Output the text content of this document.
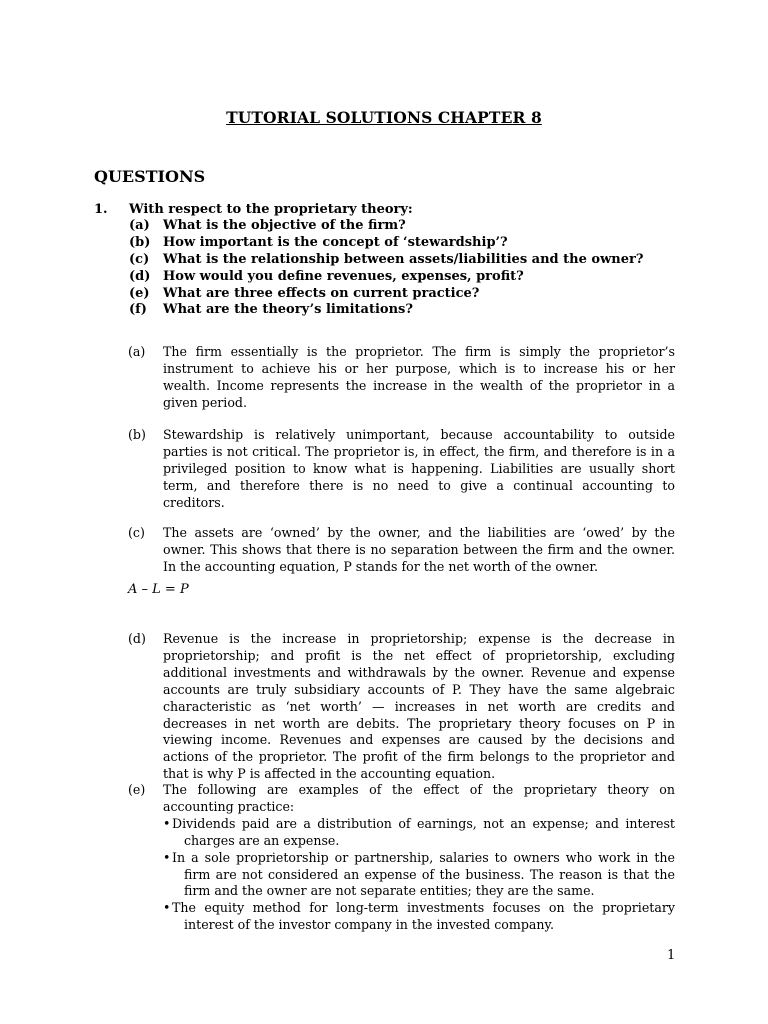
TUTORIAL SOLUTIONS CHAPTER 8
QUESTIONS
1. With respect to the proprietary theory:
(a)	What is the objective of the firm?
(b) How important is the concept of ‘stewardship’?
(c)	What is the relationship between assets/liabilities and the owner?
(d) How would you define revenues, expenses, profit?
(e)	What are three effects on current practice?
(f)	What are the theory’s limitations?
(a)	The firm essentially is the proprietor. The firm is simply the proprietor’s instrument to achieve his or her purpose, which is to increase his or her wealth. Income represents the increase in the wealth of the proprietor in a given period.

(b)	Stewardship is relatively unimportant, because accountability to outside parties is not critical. The proprietor is, in effect, the firm, and therefore is in a privileged position to know what is happening. Liabilities are usually short term, and therefore there is no need to give a continual accounting to creditors.

(c)	The assets are ‘owned’ by the owner, and the liabilities are ‘owed’ by the owner. This shows that there is no separation between the firm and the owner. In the accounting equation, P stands for the net worth of the owner.

A – L = P
(d)	Revenue is the increase in proprietorship; expense is the decrease in proprietorship; and profit is the net effect of proprietorship, excluding additional investments and withdrawals by the owner. Revenue and expense accounts are truly subsidiary accounts of P. They have the same algebraic characteristic as ‘net worth’ — increases in net worth are credits and decreases in net worth are debits. The proprietary theory focuses on P in viewing income. Revenues and expenses are caused by the decisions and actions of the proprietor. The profit of the firm belongs to the proprietor and that is why P is affected in the accounting equation.

(e)	The following are examples of the effect of the proprietary theory on accounting practice:

• Dividends paid are a distribution of earnings, not an expense; and interest charges are an expense.
• In a sole proprietorship or partnership, salaries to owners who work in the firm are not considered an expense of the business. The reason is that the firm and the owner are not separate entities; they are the same.
• The equity method for long-term investments focuses on the proprietary interest of the investor company in the invested company.
1
